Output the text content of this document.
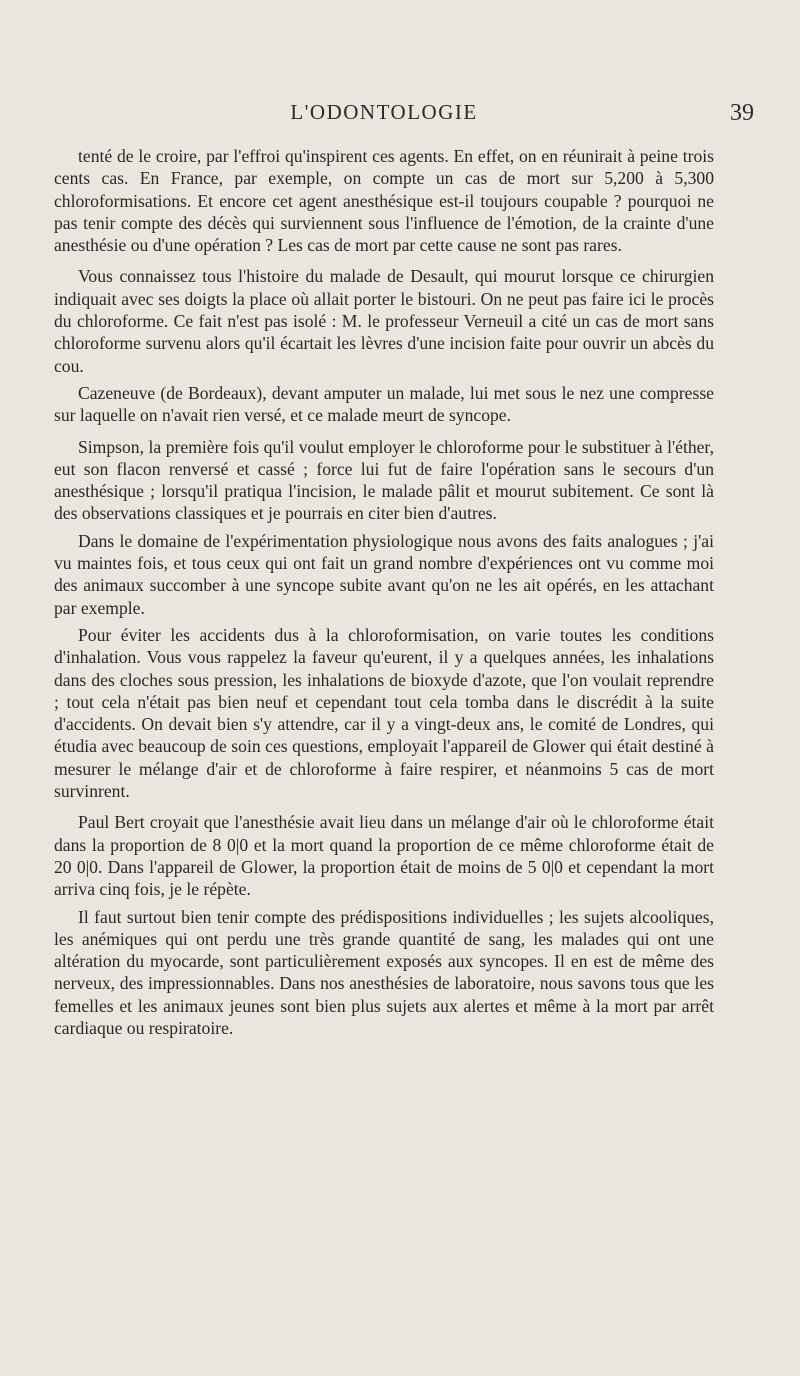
L'ODONTOLOGIE	39

tenté de le croire, par l'effroi qu'inspirent ces agents. En effet, on en réunirait à peine trois cents cas. En France, par exemple, on compte un cas de mort sur 5,200 à 5,300 chloroformisations. Et encore cet agent anesthésique est-il toujours coupable ? pourquoi ne pas tenir compte des décès qui surviennent sous l'influence de l'émotion, de la crainte d'une anesthésie ou d'une opération ? Les cas de mort par cette cause ne sont pas rares.

Vous connaissez tous l'histoire du malade de Desault, qui mourut lorsque ce chirurgien indiquait avec ses doigts la place où allait porter le bistouri. On ne peut pas faire ici le procès du chloroforme. Ce fait n'est pas isolé : M. le professeur Verneuil a cité un cas de mort sans chloroforme survenu alors qu'il écartait les lèvres d'une incision faite pour ouvrir un abcès du cou.

Cazeneuve (de Bordeaux), devant amputer un malade, lui met sous le nez une compresse sur laquelle on n'avait rien versé, et ce malade meurt de syncope.

Simpson, la première fois qu'il voulut employer le chloroforme pour le substituer à l'éther, eut son flacon renversé et cassé ; force lui fut de faire l'opération sans le secours d'un anesthésique ; lorsqu'il pratiqua l'incision, le malade pâlit et mourut subitement. Ce sont là des observations classiques et je pourrais en citer bien d'autres.

Dans le domaine de l'expérimentation physiologique nous avons des faits analogues ; j'ai vu maintes fois, et tous ceux qui ont fait un grand nombre d'expériences ont vu comme moi des animaux succomber à une syncope subite avant qu'on ne les ait opérés, en les attachant par exemple.

Pour éviter les accidents dus à la chloroformisation, on varie toutes les conditions d'inhalation. Vous vous rappelez la faveur qu'eurent, il y a quelques années, les inhalations dans des cloches sous pression, les inhalations de bioxyde d'azote, que l'on voulait reprendre ; tout cela n'était pas bien neuf et cependant tout cela tomba dans le discrédit à la suite d'accidents. On devait bien s'y attendre, car il y a vingt-deux ans, le comité de Londres, qui étudia avec beaucoup de soin ces questions, employait l'appareil de Glower qui était destiné à mesurer le mélange d'air et de chloroforme à faire respirer, et néanmoins 5 cas de mort survinrent.

Paul Bert croyait que l'anesthésie avait lieu dans un mélange d'air où le chloroforme était dans la proportion de 8 0|0 et la mort quand la proportion de ce même chloroforme était de 20 0|0. Dans l'appareil de Glower, la proportion était de moins de 5 0|0 et cependant la mort arriva cinq fois, je le répète.

Il faut surtout bien tenir compte des prédispositions individuelles ; les sujets alcooliques, les anémiques qui ont perdu une très grande quantité de sang, les malades qui ont une altération du myocarde, sont particulièrement exposés aux syncopes. Il en est de même des nerveux, des impressionnables. Dans nos anesthésies de laboratoire, nous savons tous que les femelles et les animaux jeunes sont bien plus sujets aux alertes et même à la mort par arrêt cardiaque ou respiratoire.
